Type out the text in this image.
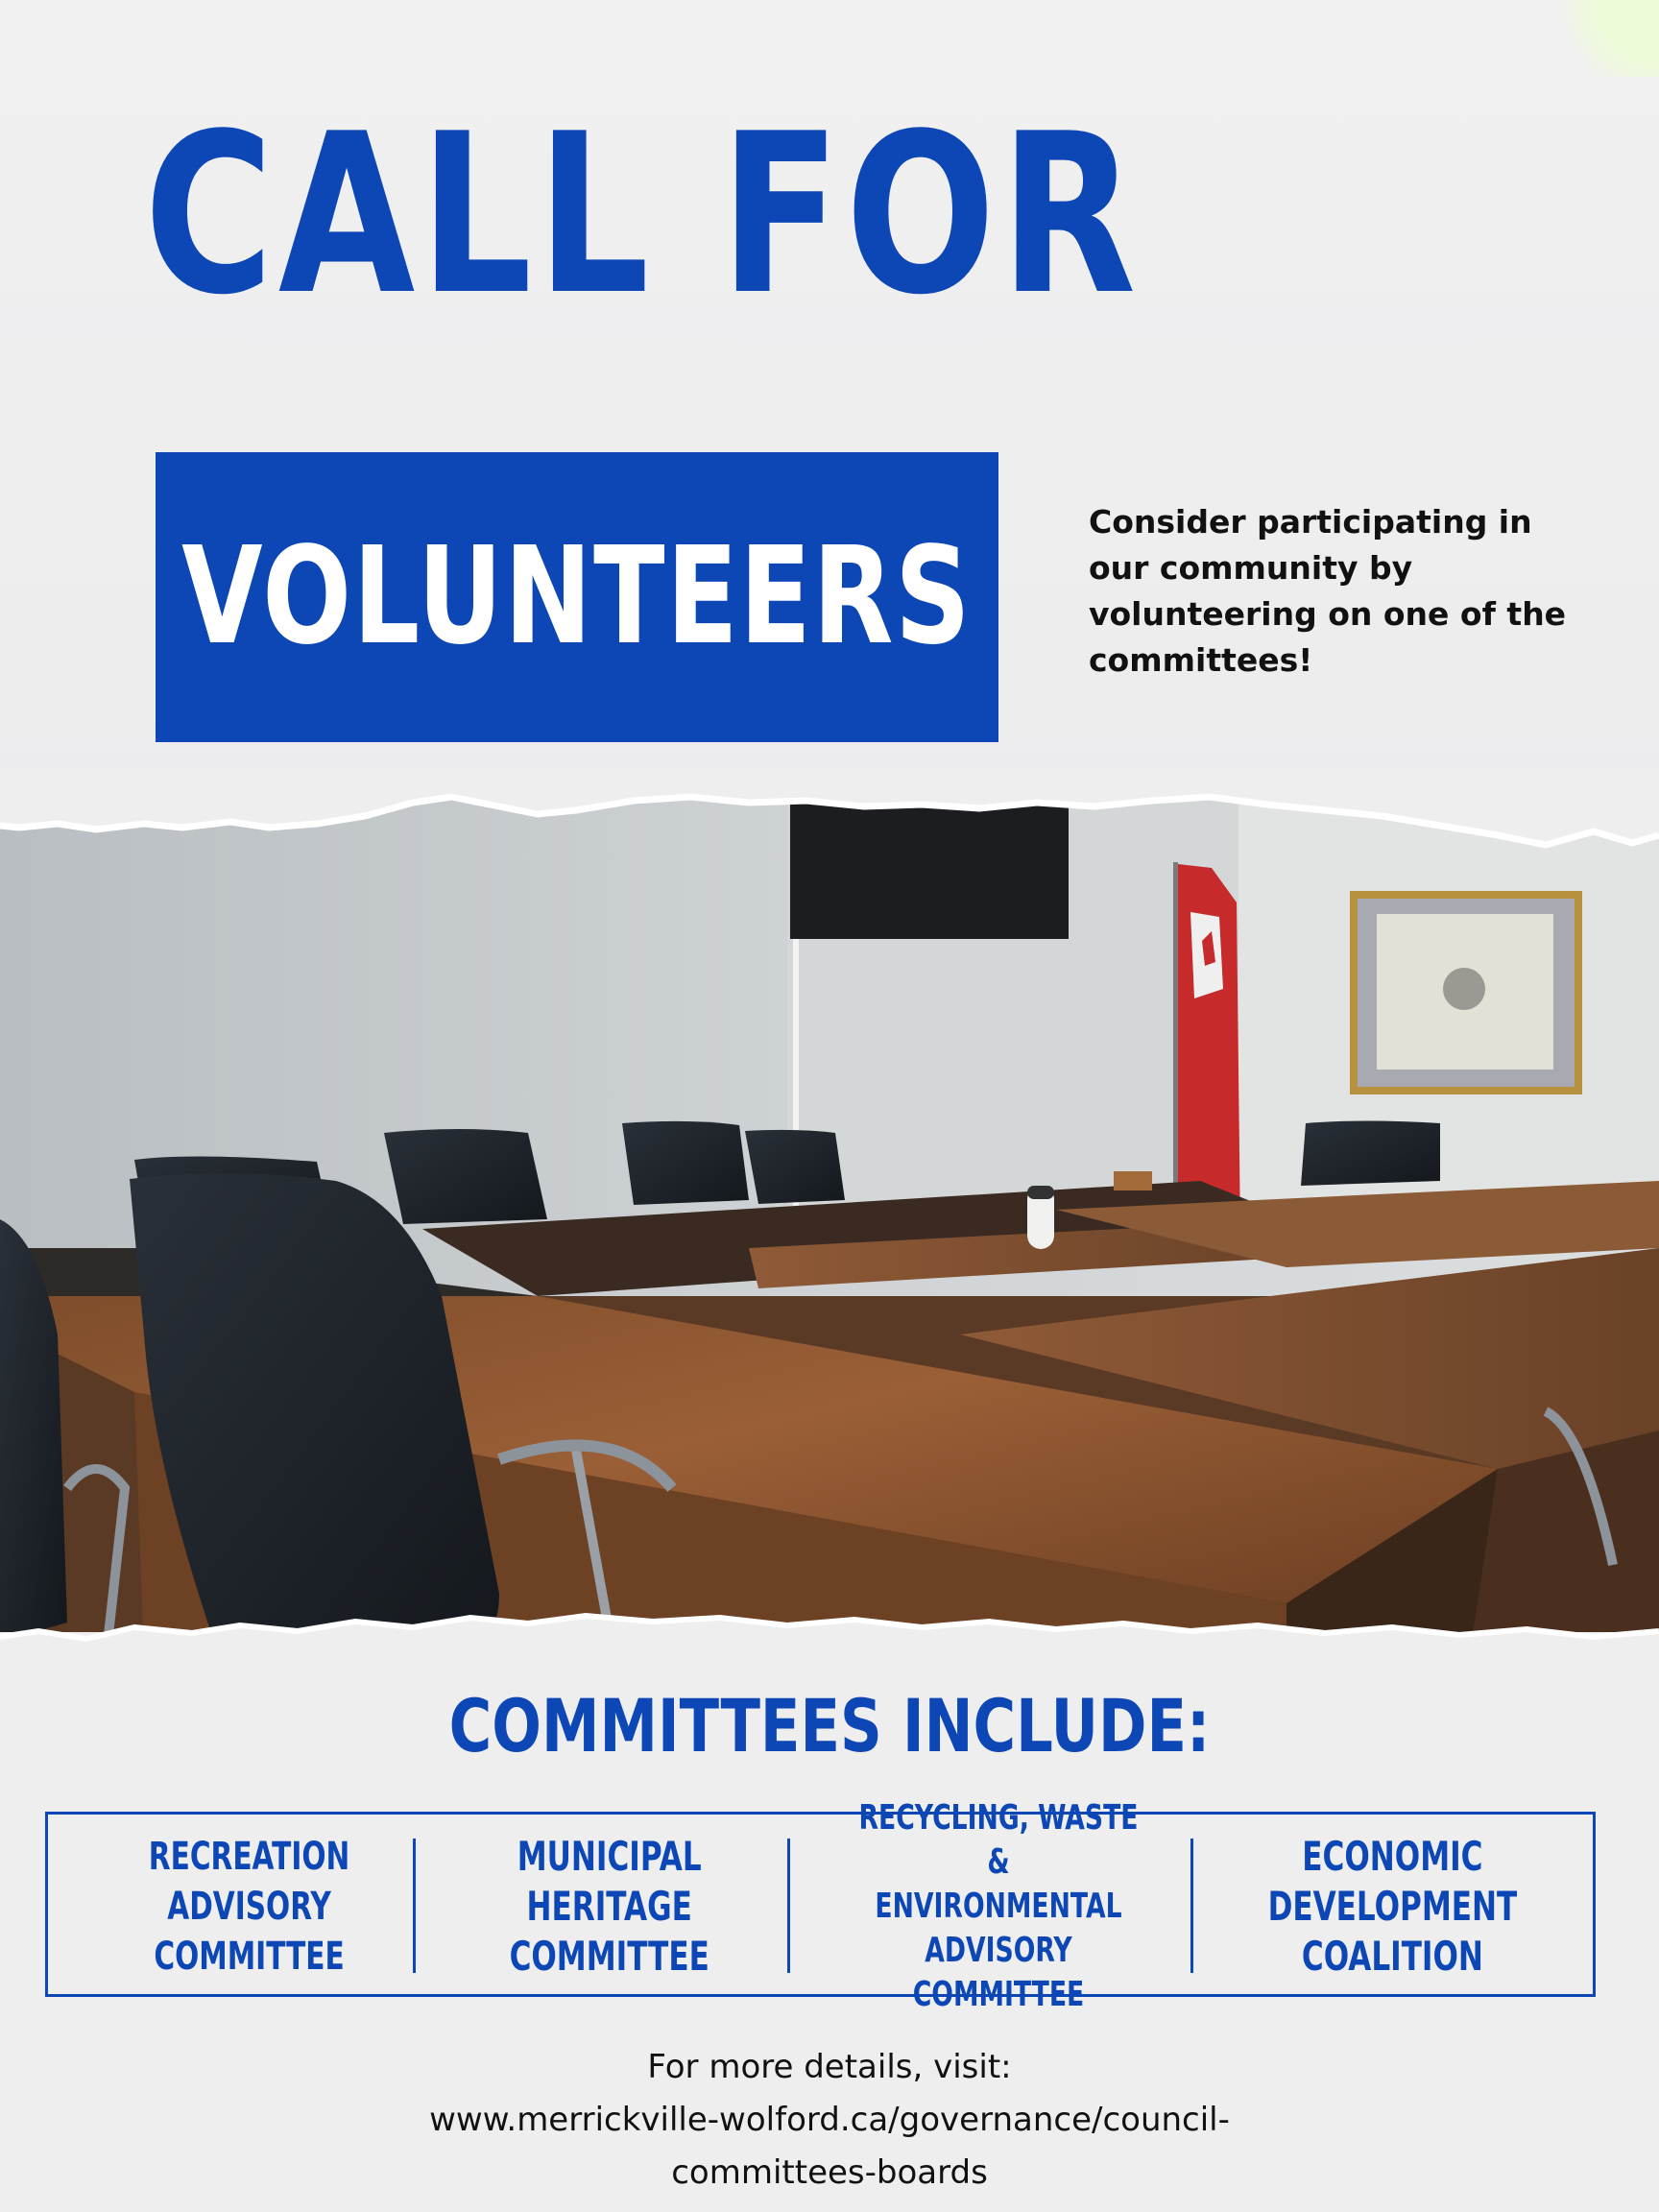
CALL FOR
VOLUNTEERS	Consider participating in our community by volunteering on one of the committees!
COMMITTEES INCLUDE:
RECREATION
ADVISORY
COMMITTEE
MUNICIPAL
HERITAGE
COMMITTEE
RECYCLING, WASTE &
ENVIRONMENTAL
ADVISORY COMMITTEE
ECONOMIC
DEVELOPMENT
COALITION
For more details, visit:
www.merrickville-wolford.ca/governance/council-
committees-boards
